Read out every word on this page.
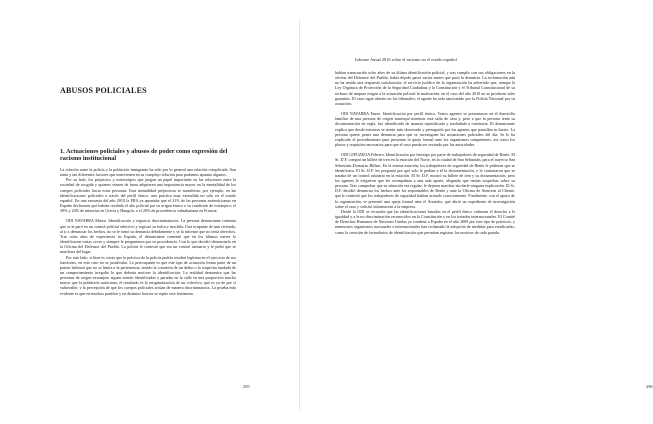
ABUSOS POLICIALES
1. Actuaciones policiales y abusos de poder como expresión del racismo institucional

La relación entre la policía y la población inmigrante ha sido por lo general una relación complicada. Son tanto y tan diferentes factores que intervienen en su complejo relación para podamos apuntar algunos.

Por su lado, los prejuicios y estereotipos que juegan un papel importante en las relaciones entre la sociedad de acogida y quienes vienen de fuera adquieren una importancia mayor en la mentalidad de los cuerpos policiales hacia estas personas. Esta mentalidad prejuiciosa se manifiesta, por ejemplo, en las identificaciones policiales a través del perfil étnico, una práctica muy extendida no solo en el estado español. En una encuesta del año 2010 la FRA ya apuntaba que el 31% de las personas norteafricanas en España declararon que habían recibido el alto policial por su origen étnico o su condición de extranjero; el 39% y 24% de minorías en Grecia y Hungría; o el 26% de procedencia subsahariana en Francia.

ODI NAVARRA Marzo. Identificación y registros discriminatorios. La persona denunciante comenta que se le paró en un control policial selectivo y registró su bolsa y mochila. Una ocupante de una vivienda, al ir a denunciar los hechos, no se le tomó su denuncia debidamente y se la informó que no tenía derechos. Tras ocho años de experiencia en España, el denunciante comentó que en los últimos meses lo identificaron varias veces y siempre le preguntaron por su procedencia. Con lo que decidió denunciarlo en la Oficina del Defensor del Pueblo. La policía le contestó que era un control rutinario y le pidió que se marchara del lugar.

Por este lado, si bien es cierto que la práctica de la policía podría resultar legítima en el ejercicio de sus funciones, en este caso no se justificaba. Lo preocupante es que este tipo de actuación forma parte de un patrón habitual que no se limita a la pertenencia, siendo la comisión de un delito o la sospecha fundada de un comportamiento irregular lo que debería motivar la identificación. La realidad demuestra que las personas de origen extranjero siguen siendo identificadas y paradas en la calle en una proporción mucho mayor que la población autóctona; el resultado es la estigmatización de un colectivo, que es ya de por sí vulnerable, y la percepción de que los cuerpos policiales actúan de manera discriminatoria. La prueba más evidente es que en muchos partidos y en distintos barrios se repite este fenómeno.

295	296
Informe Anual 2016 sobre el racismo en el estado español

habían transcurrido ocho años de su última identificación policial; y tras cumplir con sus obligaciones en la oficina del Defensor del Pueblo, había dejado pasar varios meses que pasó la denuncia. La reclamación aún no ha tenido una respuesta satisfactoria; el servicio jurídico de la organización ha advertido que, aunque la Ley Orgánica de Protección de la Seguridad Ciudadana y la Constitución y el Tribunal Constitucional de su rechazo de amparo exigen a la actuación policial la motivación, en el caso del año 2010 no se producen tales garantías. El caso sigue abierto en los tribunales; el agente ha sido sancionado por la Policía Nacional por su actuación.

ODI NAVARRA Enero. Identificación por perfil étnico. Varios agentes se presentaron en el domicilio familiar de una persona de origen marroquí mientras esta salía de casa y, pese a que la persona tenía su documentación en regla, fue identificada de manera injustificada y trasladada a comisaría. El denunciante explica que desde entonces se siente más observado y perseguido por los agentes que patrullan su barrio. La persona quiere poner una denuncia para que se investiguen las actuaciones policiales del día. Se le ha explicado el procedimiento para presentar la queja formal ante los organismos competentes, así como los plazos y requisitos necesarios para que el caso pueda ser revisado por las autoridades.

ODI GIPUZKOA Febrero. Identificación por fenotipo por parte de trabajadores de seguridad de Renfe. El Sr. D.F. compró un billete de tren en la estación del Norte, en la ciudad de San Sebastián, para el trayecto San Sebastián–Donostia–Bilbao. En la misma estación, los trabajadores de seguridad de Renfe le pidieron que se identificara. El Sr. D.F. les preguntó por qué solo le pedían a él la documentación, y le contestaron que se trataba de un control rutinario en la estación. El Sr. D.F. mostró su billete de tren y su documentación, pero los agentes le exigieron que les acompañara a una sala aparte, alegando que tenían sospechas sobre su persona. Tras comprobar que su situación era regular, le dejaron marchar sin darle ninguna explicación. El Sr. D.F. decidió denunciar los hechos ante los responsables de Renfe y ante la Oficina de Atención al Cliente, que le contestó que los trabajadores de seguridad habían actuado correctamente. Finalmente, con el apoyo de la organización, se presentó una queja formal ante el Ararteko, que abrió un expediente de investigación sobre el caso y solicitó información a la empresa.

Desde la ODI se recuerda que las identificaciones basadas en el perfil étnico vulneran el derecho a la igualdad y a la no discriminación reconocidos en la Constitución y en los tratados internacionales. El Comité de Derechos Humanos de Naciones Unidas ya condenó a España en el año 2009 por este tipo de prácticas, y numerosos organismos nacionales e internacionales han reclamado la adopción de medidas para erradicarlas, como la creación de formularios de identificación que permitan registrar los motivos de cada parada.
